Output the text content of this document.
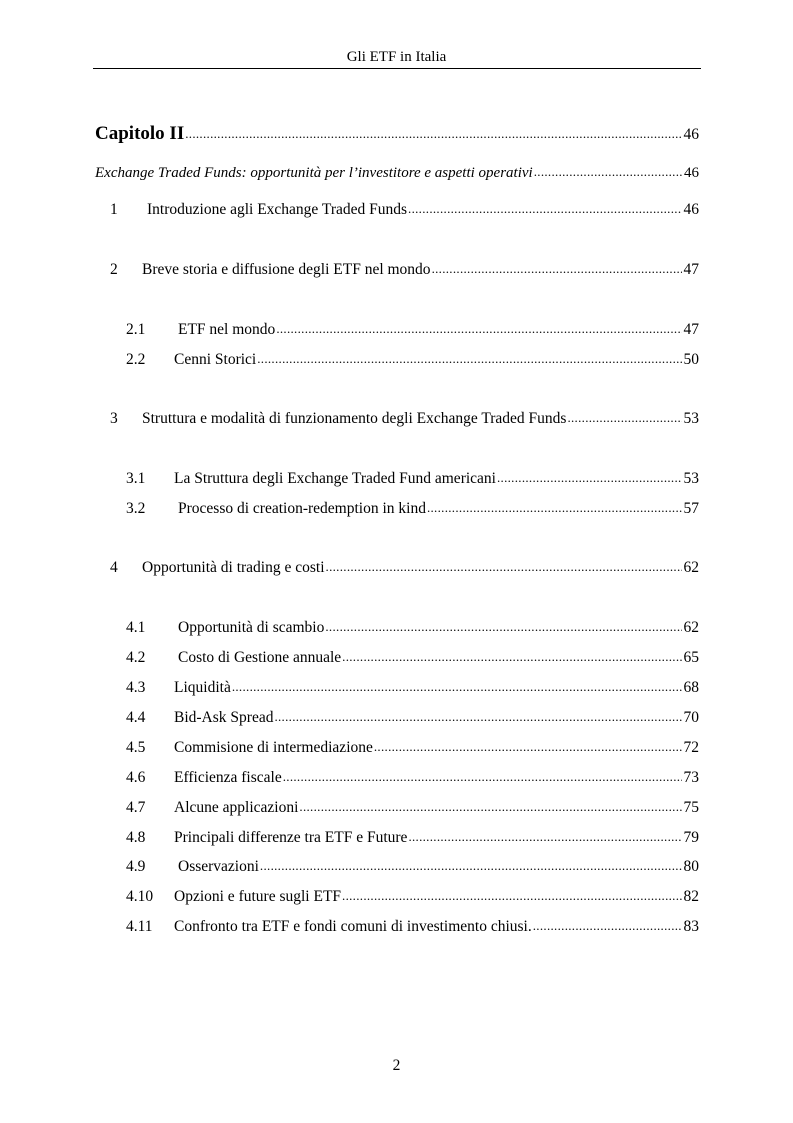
Gli ETF in Italia
Capitolo II .....	46
Exchange Traded Funds: opportunità per l’investitore e aspetti operativi .....	46
1	Introduzione agli Exchange Traded Funds .....	46
2	Breve storia e diffusione degli ETF nel mondo .....	47
2.1	ETF nel mondo .....	47
2.2	Cenni Storici .....	50
3	Struttura e modalità di funzionamento degli Exchange Traded Funds .....	53
3.1	La Struttura degli Exchange Traded Fund americani .....	53
3.2	Processo di creation-redemption in kind .....	57
4	Opportunità di trading e costi .....	62
4.1	Opportunità di scambio .....	62
4.2	Costo di Gestione annuale .....	65
4.3	Liquidità .....	68
4.4	Bid-Ask Spread .....	70
4.5	Commisione di intermediazione .....	72
4.6	Efficienza fiscale .....	73
4.7	Alcune applicazioni .....	75
4.8	Principali differenze tra ETF e Future .....	79
4.9	Osservazioni .....	80
4.10	Opzioni e future sugli ETF .....	82
4.11	Confronto tra ETF e fondi comuni di investimento chiusi. .....	83
2
